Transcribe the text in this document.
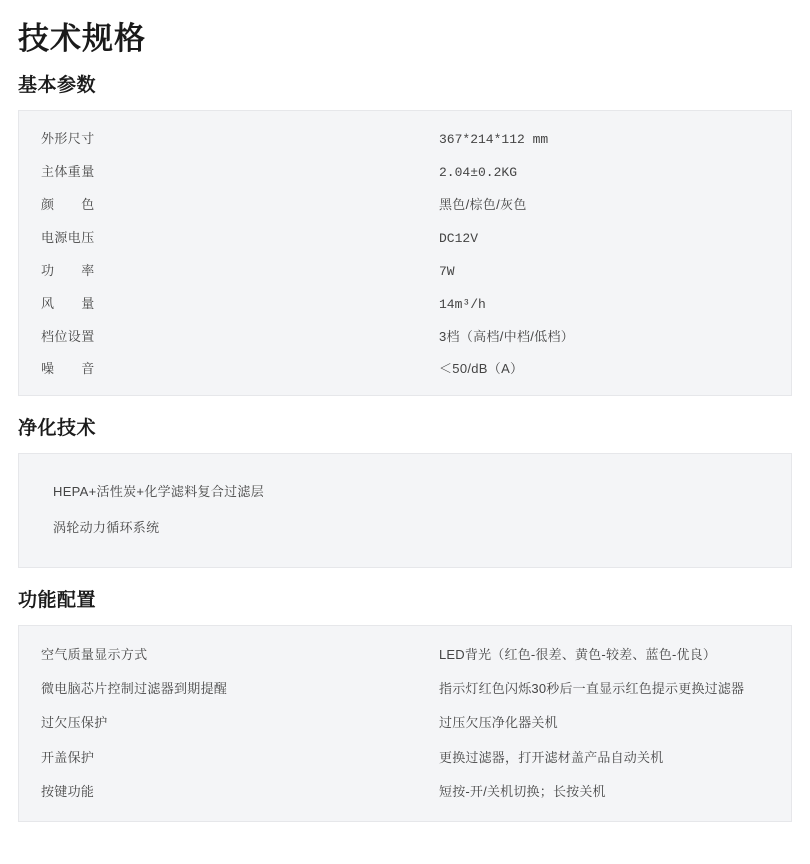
技术规格
基本参数
外形尺寸	367*214*112 mm
主体重量	2.04±0.2KG
颜　　色	黑色/棕色/灰色
电源电压	DC12V
功　　率	7W
风　　量	14m³/h
档位设置	3档（高档/中档/低档）
噪　　音	＜50/dB（A）
净化技术
HEPA+活性炭+化学滤料复合过滤层
涡轮动力循环系统
功能配置
空气质量显示方式	LED背光（红色-很差、黄色-较差、蓝色-优良）
微电脑芯片控制过滤器到期提醒	指示灯红色闪烁30秒后一直显示红色提示更换过滤器
过欠压保护	过压欠压净化器关机
开盖保护	更换过滤器，打开滤材盖产品自动关机
按键功能	短按-开/关机切换；长按关机
